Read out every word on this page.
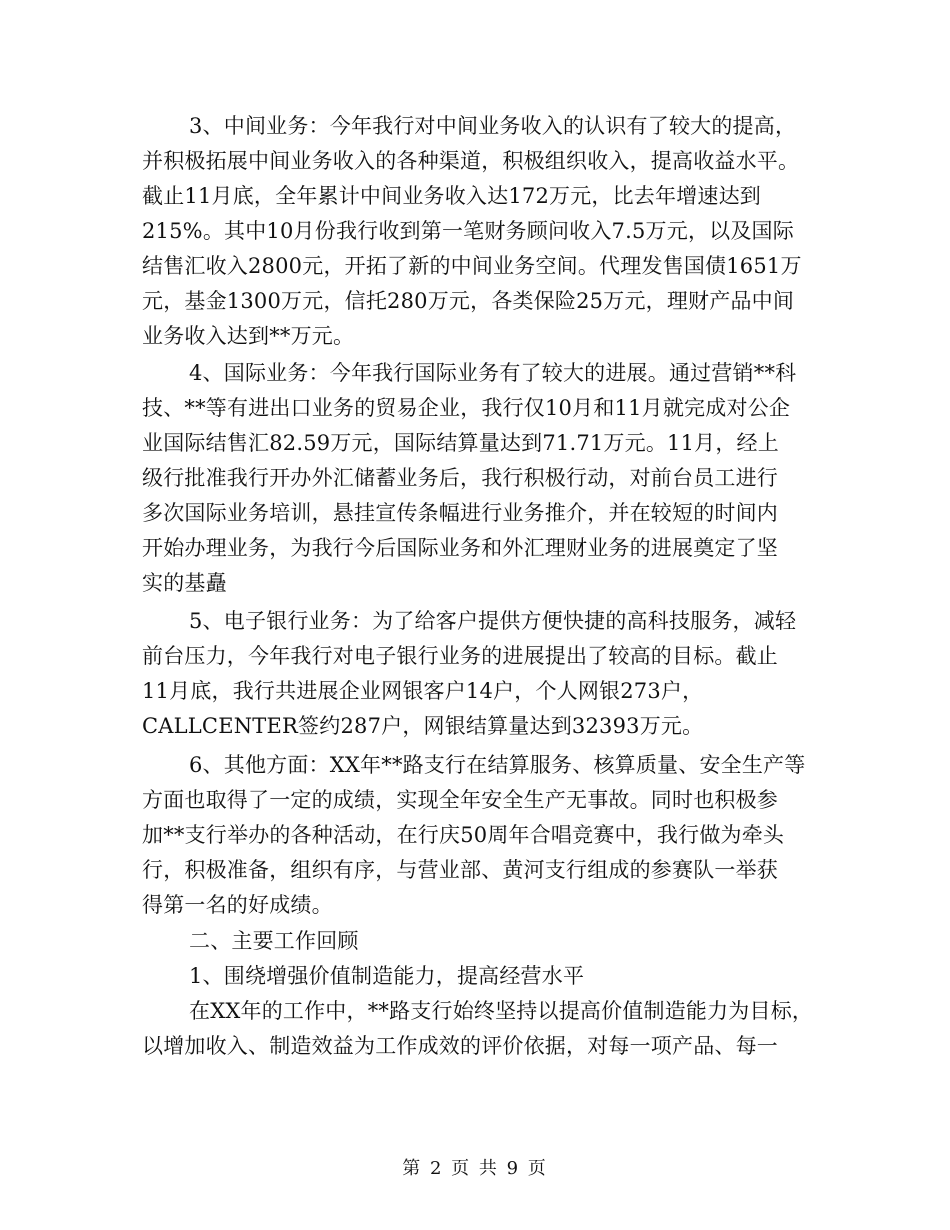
3、中间业务：今年我行对中间业务收入的认识有了较大的提高，
并积极拓展中间业务收入的各种渠道，积极组织收入，提高收益水平。
截止11月底，全年累计中间业务收入达172万元，比去年增速达到
215%。其中10月份我行收到第一笔财务顾问收入7.5万元，以及国际
结售汇收入2800元，开拓了新的中间业务空间。代理发售国债1651万
元，基金1300万元，信托280万元，各类保险25万元，理财产品中间
业务收入达到**万元。
4、国际业务：今年我行国际业务有了较大的进展。通过营销**科
技、**等有进出口业务的贸易企业，我行仅10月和11月就完成对公企
业国际结售汇82.59万元，国际结算量达到71.71万元。11月，经上
级行批准我行开办外汇储蓄业务后，我行积极行动，对前台员工进行
多次国际业务培训，悬挂宣传条幅进行业务推介，并在较短的时间内
开始办理业务，为我行今后国际业务和外汇理财业务的进展奠定了坚
实的基矗
5、电子银行业务：为了给客户提供方便快捷的高科技服务，减轻
前台压力，今年我行对电子银行业务的进展提出了较高的目标。截止
11月底，我行共进展企业网银客户14户，个人网银273户，
CALLCENTER签约287户，网银结算量达到32393万元。
6、其他方面：XX年**路支行在结算服务、核算质量、安全生产等
方面也取得了一定的成绩，实现全年安全生产无事故。同时也积极参
加**支行举办的各种活动，在行庆50周年合唱竞赛中，我行做为牵头
行，积极准备，组织有序，与营业部、黄河支行组成的参赛队一举获
得第一名的好成绩。
二、主要工作回顾
1、围绕增强价值制造能力，提高经营水平
在XX年的工作中，**路支行始终坚持以提高价值制造能力为目标，
以增加收入、制造效益为工作成效的评价依据，对每一项产品、每一
第 2 页 共 9 页
